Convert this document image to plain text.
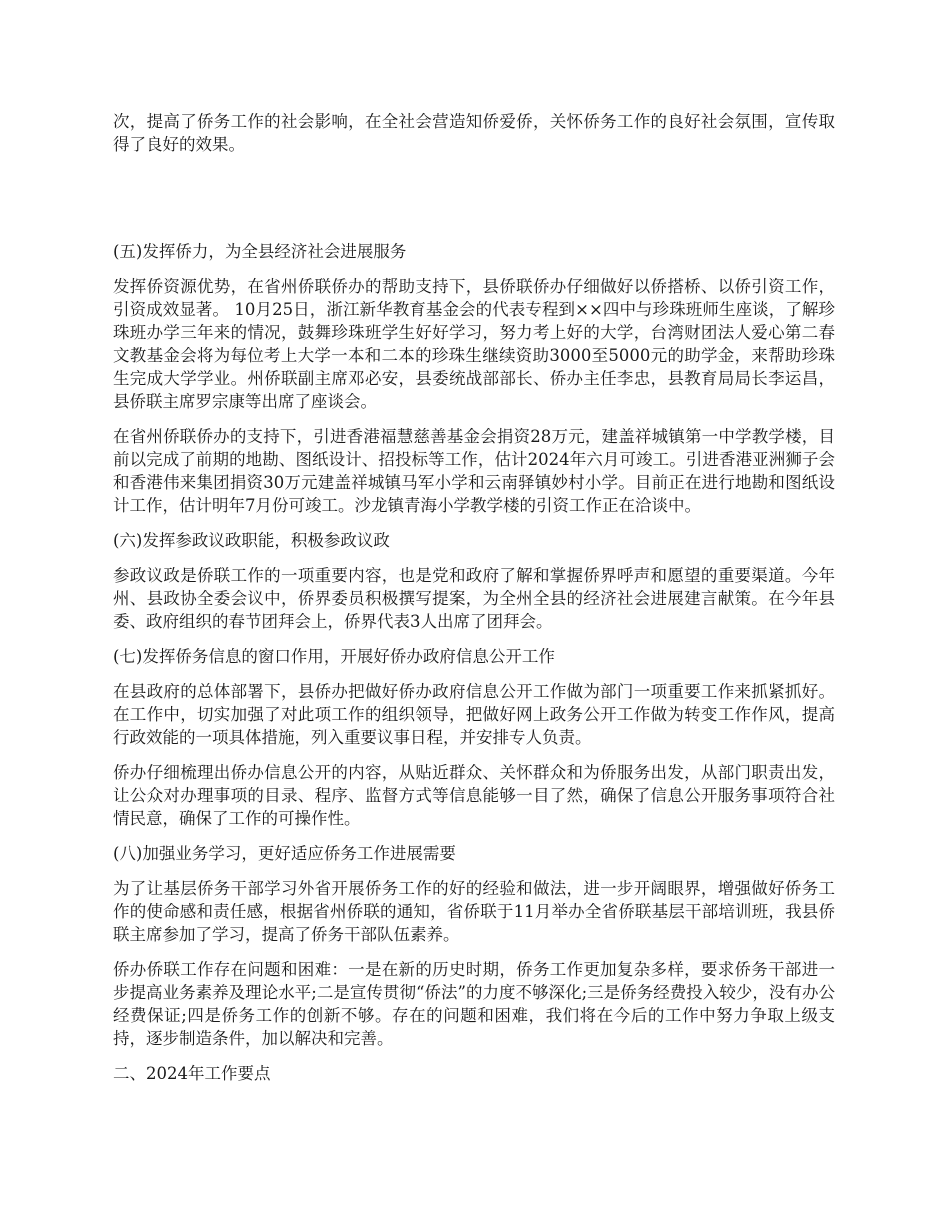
次，提高了侨务工作的社会影响，在全社会营造知侨爱侨，关怀侨务工作的良好社会氛围，宣传取得了良好的效果。

(五)发挥侨力，为全县经济社会进展服务

发挥侨资源优势，在省州侨联侨办的帮助支持下，县侨联侨办仔细做好以侨搭桥、以侨引资工作，引资成效显著。 10月25日，浙江新华教育基金会的代表专程到××四中与珍珠班师生座谈，了解珍珠班办学三年来的情况，鼓舞珍珠班学生好好学习，努力考上好的大学，台湾财团法人爱心第二春文教基金会将为每位考上大学一本和二本的珍珠生继续资助3000至5000元的助学金，来帮助珍珠生完成大学学业。州侨联副主席邓必安，县委统战部部长、侨办主任李忠，县教育局局长李运昌，县侨联主席罗宗康等出席了座谈会。

在省州侨联侨办的支持下，引进香港福慧慈善基金会捐资28万元，建盖祥城镇第一中学教学楼，目前以完成了前期的地勘、图纸设计、招投标等工作，估计2024年六月可竣工。引进香港亚洲狮子会和香港伟来集团捐资30万元建盖祥城镇马军小学和云南驿镇妙村小学。目前正在进行地勘和图纸设计工作，估计明年7月份可竣工。沙龙镇青海小学教学楼的引资工作正在洽谈中。

(六)发挥参政议政职能，积极参政议政

参政议政是侨联工作的一项重要内容，也是党和政府了解和掌握侨界呼声和愿望的重要渠道。今年州、县政协全委会议中，侨界委员积极撰写提案，为全州全县的经济社会进展建言献策。在今年县委、政府组织的春节团拜会上，侨界代表3人出席了团拜会。

(七)发挥侨务信息的窗口作用，开展好侨办政府信息公开工作

在县政府的总体部署下，县侨办把做好侨办政府信息公开工作做为部门一项重要工作来抓紧抓好。在工作中，切实加强了对此项工作的组织领导，把做好网上政务公开工作做为转变工作作风，提高行政效能的一项具体措施，列入重要议事日程，并安排专人负责。

侨办仔细梳理出侨办信息公开的内容，从贴近群众、关怀群众和为侨服务出发，从部门职责出发，让公众对办理事项的目录、程序、监督方式等信息能够一目了然，确保了信息公开服务事项符合社情民意，确保了工作的可操作性。

(八)加强业务学习，更好适应侨务工作进展需要

为了让基层侨务干部学习外省开展侨务工作的好的经验和做法，进一步开阔眼界，增强做好侨务工作的使命感和责任感，根据省州侨联的通知，省侨联于11月举办全省侨联基层干部培训班，我县侨联主席参加了学习，提高了侨务干部队伍素养。

侨办侨联工作存在问题和困难：一是在新的历史时期，侨务工作更加复杂多样，要求侨务干部进一步提高业务素养及理论水平;二是宣传贯彻“侨法”的力度不够深化;三是侨务经费投入较少，没有办公经费保证;四是侨务工作的创新不够。存在的问题和困难，我们将在今后的工作中努力争取上级支持，逐步制造条件，加以解决和完善。

二、2024年工作要点
